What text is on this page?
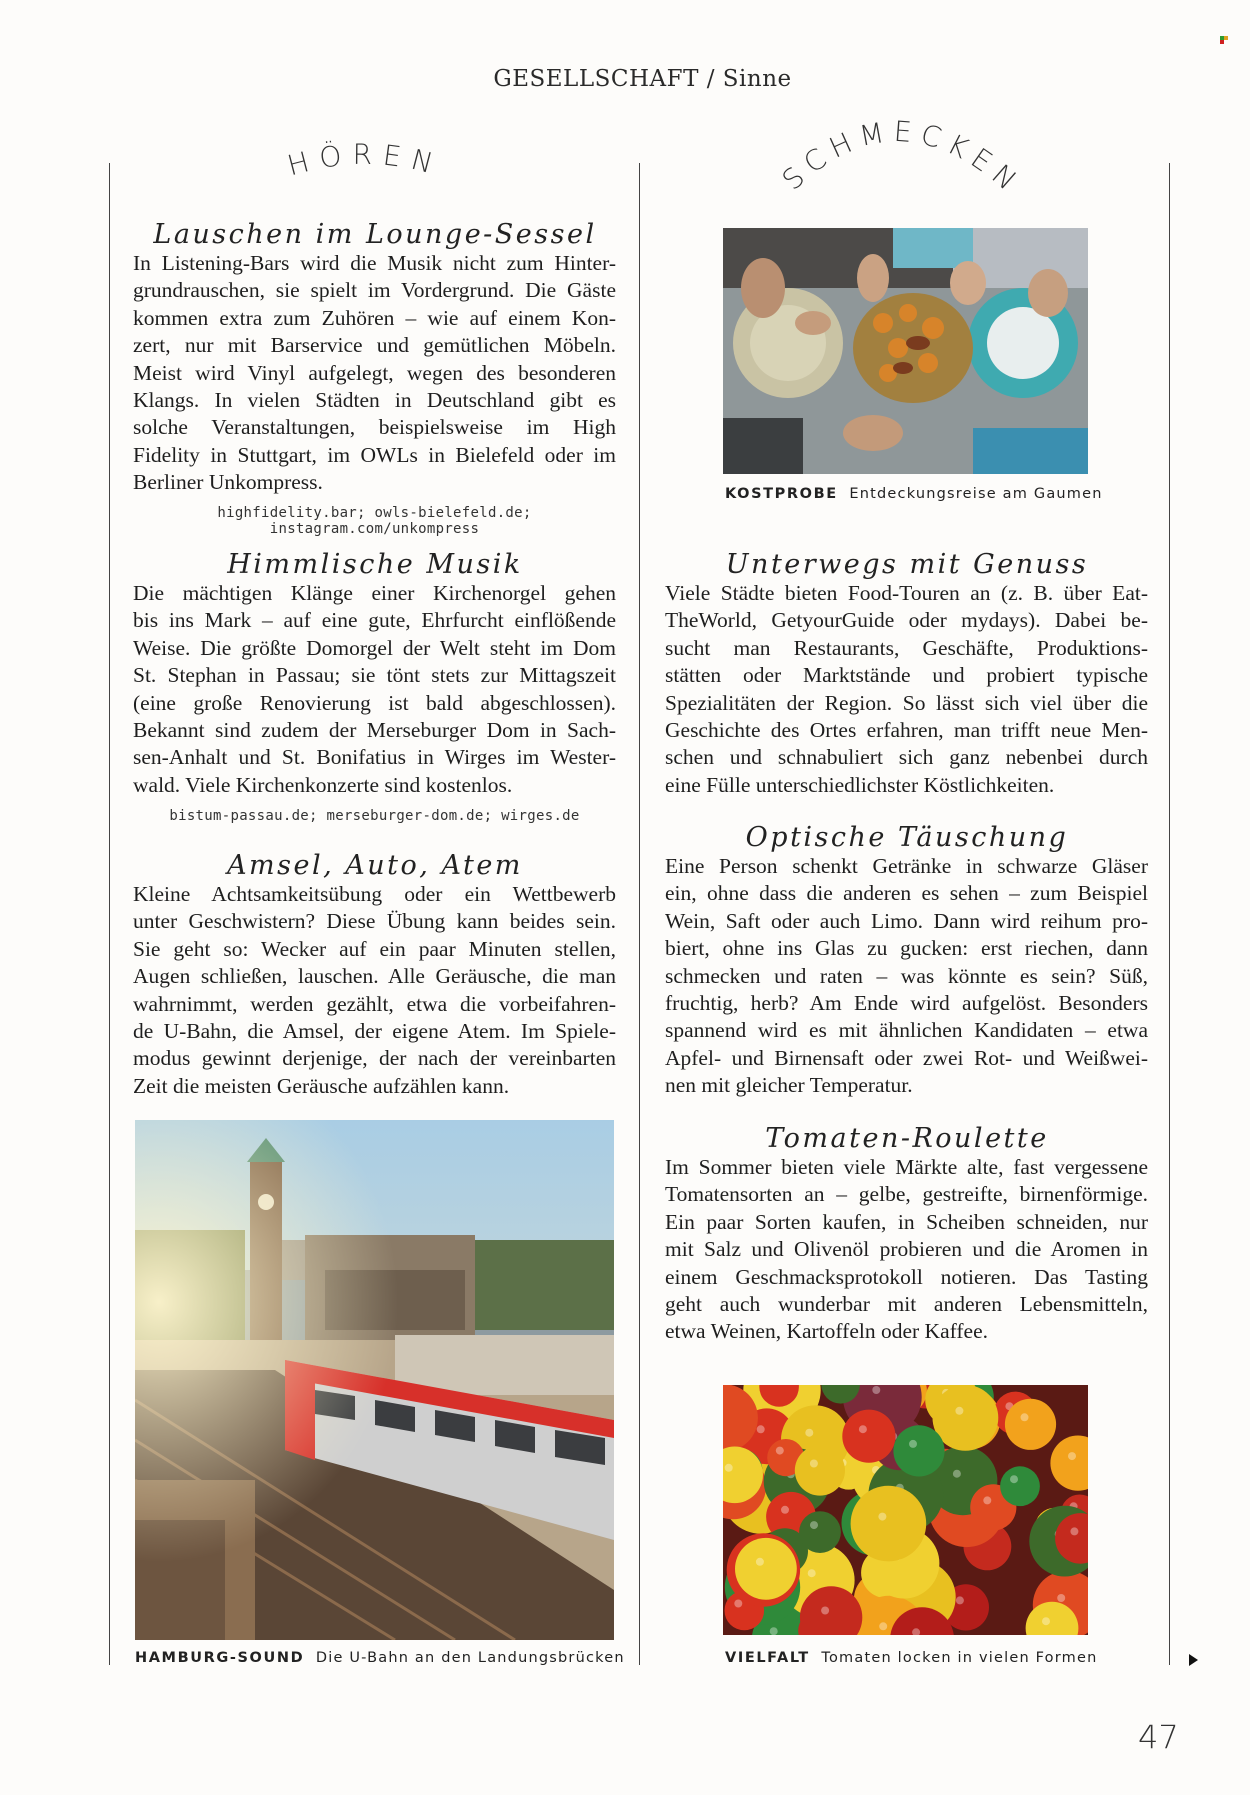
GESELLSCHAFT / Sinne
HÖREN	SCHMECKEN
Lauschen im Lounge-Sessel
In Listening-Bars wird die Musik nicht zum Hinter-
grundrauschen, sie spielt im Vordergrund. Die Gäste
kommen extra zum Zuhören – wie auf einem Kon-
zert, nur mit Barservice und gemütlichen Möbeln.
Meist wird Vinyl aufgelegt, wegen des besonderen
Klangs. In vielen Städten in Deutschland gibt es
solche Veranstaltungen, beispielsweise im High
Fidelity in Stuttgart, im OWLs in Bielefeld oder im
Berliner Unkompress.
highfidelity.bar; owls-bielefeld.de; instagram.com/unkompress
Himmlische Musik
Die mächtigen Klänge einer Kirchenorgel gehen
bis ins Mark – auf eine gute, Ehrfurcht einflößende
Weise. Die größte Domorgel der Welt steht im Dom
St. Stephan in Passau; sie tönt stets zur Mittagszeit
(eine große Renovierung ist bald abgeschlossen).
Bekannt sind zudem der Merseburger Dom in Sach-
sen-Anhalt und St. Bonifatius in Wirges im Wester-
wald. Viele Kirchenkonzerte sind kostenlos.
bistum-passau.de; merseburger-dom.de; wirges.de
Amsel, Auto, Atem
Kleine Achtsamkeitsübung oder ein Wettbewerb
unter Geschwistern? Diese Übung kann beides sein.
Sie geht so: Wecker auf ein paar Minuten stellen,
Augen schließen, lauschen. Alle Geräusche, die man
wahrnimmt, werden gezählt, etwa die vorbeifahren-
de U-Bahn, die Amsel, der eigene Atem. Im Spiele-
modus gewinnt derjenige, der nach der vereinbarten
Zeit die meisten Geräusche aufzählen kann.
HAMBURG-SOUND Die U-Bahn an den Landungsbrücken
KOSTPROBE Entdeckungsreise am Gaumen
Unterwegs mit Genuss
Viele Städte bieten Food-Touren an (z. B. über Eat-
TheWorld, GetyourGuide oder mydays). Dabei be-
sucht man Restaurants, Geschäfte, Produktions-
stätten oder Marktstände und probiert typische
Spezialitäten der Region. So lässt sich viel über die
Geschichte des Ortes erfahren, man trifft neue Men-
schen und schnabuliert sich ganz nebenbei durch
eine Fülle unterschiedlichster Köstlichkeiten.
Optische Täuschung
Eine Person schenkt Getränke in schwarze Gläser
ein, ohne dass die anderen es sehen – zum Beispiel
Wein, Saft oder auch Limo. Dann wird reihum pro-
biert, ohne ins Glas zu gucken: erst riechen, dann
schmecken und raten – was könnte es sein? Süß,
fruchtig, herb? Am Ende wird aufgelöst. Besonders
spannend wird es mit ähnlichen Kandidaten – etwa
Apfel- und Birnensaft oder zwei Rot- und Weißwei-
nen mit gleicher Temperatur.
Tomaten-Roulette
Im Sommer bieten viele Märkte alte, fast vergessene
Tomatensorten an – gelbe, gestreifte, birnenförmige.
Ein paar Sorten kaufen, in Scheiben schneiden, nur
mit Salz und Olivenöl probieren und die Aromen in
einem Geschmacksprotokoll notieren. Das Tasting
geht auch wunderbar mit anderen Lebensmitteln,
etwa Weinen, Kartoffeln oder Kaffee.
VIELFALT Tomaten locken in vielen Formen
47
